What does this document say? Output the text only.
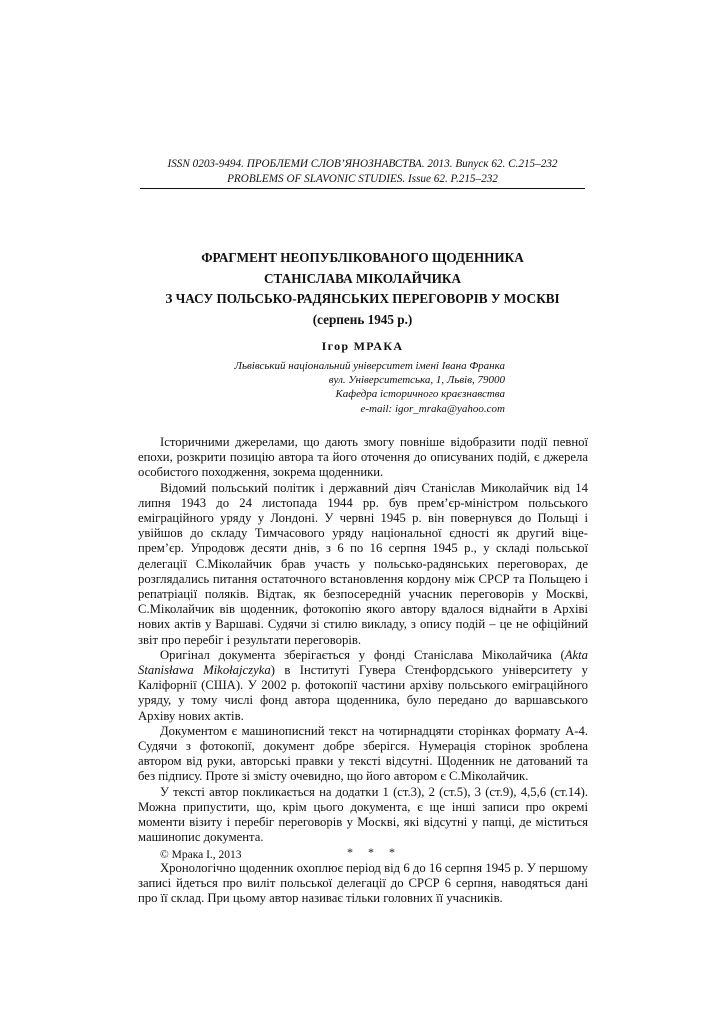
ISSN 0203-9494. ПРОБЛЕМИ СЛОВ’ЯНОЗНАВСТВА. 2013. Випуск 62. С.215–232
PROBLEMS OF SLAVONIC STUDIES. Issue 62. P.215–232
ФРАГМЕНТ НЕОПУБЛІКОВАНОГО ЩОДЕННИКА
СТАНІСЛАВА МІКОЛАЙЧИКА
З ЧАСУ ПОЛЬСЬКО-РАДЯНСЬКИХ ПЕРЕГОВОРІВ У МОСКВІ
(серпень 1945 р.)
Ігор МРАКА
Львівський національний університет імені Івана Франка
вул. Університетська, 1, Львів, 79000
Кафедра історичного краєзнавства
e-mail: igor_mraka@yahoo.com

Історичними джерелами, що дають змогу повніше відобразити події певної епохи, розкрити позицію автора та його оточення до описуваних подій, є джерела особистого походження, зокрема щоденники.

Відомий польський політик і державний діяч Станіслав Миколайчик від 14 липня 1943 до 24 листопада 1944 рр. був прем’єр-міністром польського еміграційного уряду у Лондоні. У червні 1945 р. він повернувся до Польщі і увійшов до складу Тимчасового уряду національної єдності як другий віце-прем’єр. Упродовж десяти днів, з 6 по 16 серпня 1945 р., у складі польської делегації С.Міколайчик брав участь у польсько-радянських переговорах, де розглядались питання остаточного встановлення кордону між СРСР та Польщею і репатріації поляків. Відтак, як безпосередній учасник переговорів у Москві, С.Міколайчик вів щоденник, фотокопію якого автору вдалося віднайти в Архіві нових актів у Варшаві. Судячи зі стилю викладу, з опису подій – це не офіційний звіт про перебіг і результати переговорів.

Оригінал документа зберігається у фонді Станіслава Міколайчика (Akta Stanisława Mikołajczyka) в Інституті Гувера Стенфордського університету у Каліфорнії (США). У 2002 р. фотокопії частини архіву польського еміграційного уряду, у тому числі фонд автора щоденника, було передано до варшавського Архіву нових актів.

Документом є машинописний текст на чотирнадцяти сторінках формату А-4. Судячи з фотокопії, документ добре зберігся. Нумерація сторінок зроблена автором від руки, авторські правки у тексті відсутні. Щоденник не датований та без підпису. Проте зі змісту очевидно, що його автором є С.Міколайчик.

У тексті автор покликається на додатки 1 (ст.3), 2 (ст.5), 3 (ст.9), 4,5,6 (ст.14). Можна припустити, що, крім цього документа, є ще інші записи про окремі моменти візиту і перебіг переговорів у Москві, які відсутні у папці, де міститься машинопис документа.

* * *

Хронологічно щоденник охоплює період від 6 до 16 серпня 1945 р. У першому записі йдеться про виліт польської делегації до СРСР 6 серпня, наводяться дані про її склад. При цьому автор називає тільки головних її учасників.

© Мрака І., 2013
